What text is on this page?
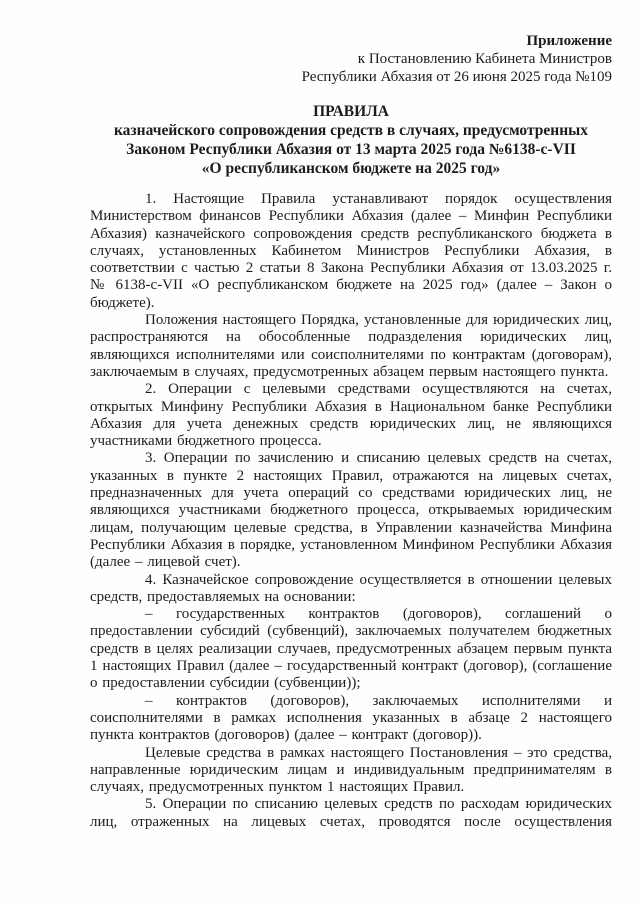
Приложение
к Постановлению Кабинета Министров
Республики Абхазия от 26 июня 2025 года №109
ПРАВИЛА
казначейского сопровождения средств в случаях, предусмотренных
Законом Республики Абхазия от 13 марта 2025 года №6138-с-VII
«О республиканском бюджете на 2025 год»

1. Настоящие Правила устанавливают порядок осуществления Министерством финансов Республики Абхазия (далее – Минфин Республики Абхазия) казначейского сопровождения средств республиканского бюджета в случаях, установленных Кабинетом Министров Республики Абхазия, в соответствии с частью 2 статьи 8 Закона Республики Абхазия от 13.03.2025 г. № 6138-с-VII «О республиканском бюджете на 2025 год» (далее – Закон о бюджете).

Положения настоящего Порядка, установленные для юридических лиц, распространяются на обособленные подразделения юридических лиц, являющихся исполнителями или соисполнителями по контрактам (договорам), заключаемым в случаях, предусмотренных абзацем первым настоящего пункта.

2. Операции с целевыми средствами осуществляются на счетах, открытых Минфину Республики Абхазия в Национальном банке Республики Абхазия для учета денежных средств юридических лиц, не являющихся участниками бюджетного процесса.

3. Операции по зачислению и списанию целевых средств на счетах, указанных в пункте 2 настоящих Правил, отражаются на лицевых счетах, предназначенных для учета операций со средствами юридических лиц, не являющихся участниками бюджетного процесса, открываемых юридическим лицам, получающим целевые средства, в Управлении казначейства Минфина Республики Абхазия в порядке, установленном Минфином Республики Абхазия (далее – лицевой счет).

4. Казначейское сопровождение осуществляется в отношении целевых средств, предоставляемых на основании:

– государственных контрактов (договоров), соглашений о предоставлении субсидий (субвенций), заключаемых получателем бюджетных средств в целях реализации случаев, предусмотренных абзацем первым пункта 1 настоящих Правил (далее – государственный контракт (договор), (соглашение о предоставлении субсидии (субвенции));

– контрактов (договоров), заключаемых исполнителями и соисполнителями в рамках исполнения указанных в абзаце 2 настоящего пункта контрактов (договоров) (далее – контракт (договор)).

Целевые средства в рамках настоящего Постановления – это средства, направленные юридическим лицам и индивидуальным предпринимателям в случаях, предусмотренных пунктом 1 настоящих Правил.

5. Операции по списанию целевых средств по расходам юридических лиц, отраженных на лицевых счетах, проводятся после осуществления
